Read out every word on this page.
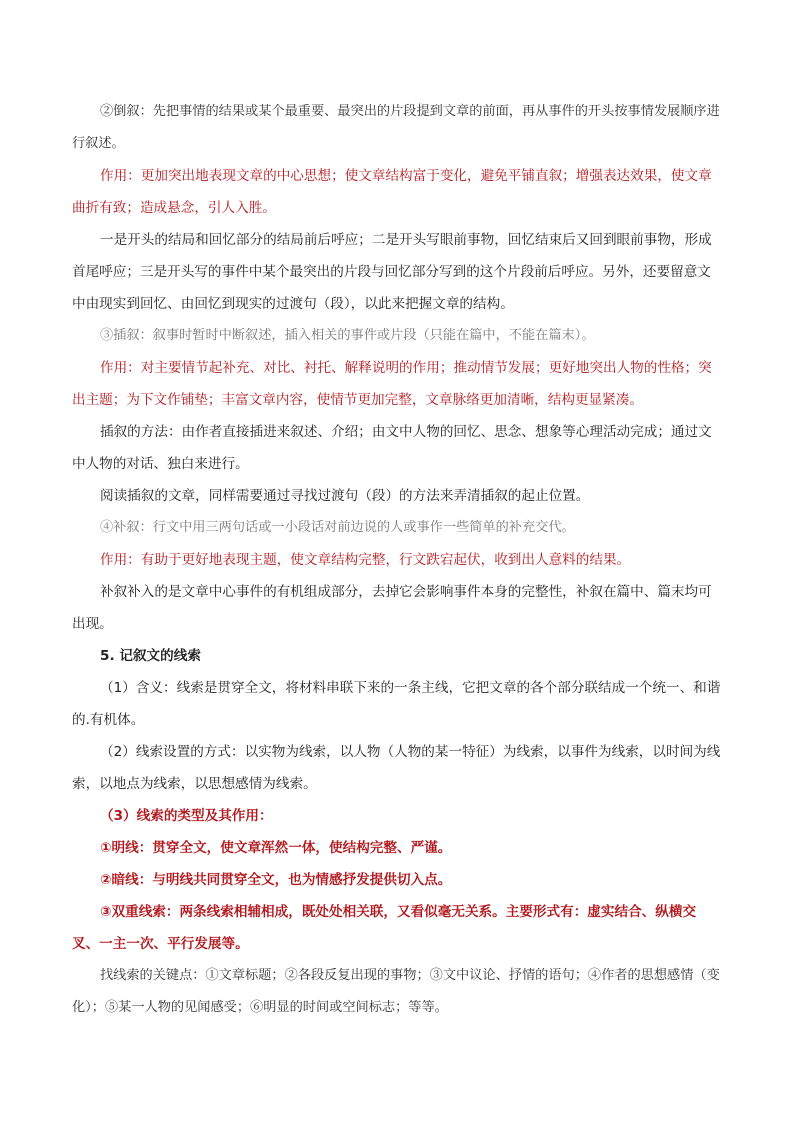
②倒叙：先把事情的结果或某个最重要、最突出的片段提到文章的前面，再从事件的开头按事情发展顺序进行叙述。

作用：更加突出地表现文章的中心思想；使文章结构富于变化，避免平铺直叙；增强表达效果，使文章曲折有致；造成悬念，引人入胜。

一是开头的结局和回忆部分的结局前后呼应；二是开头写眼前事物，回忆结束后又回到眼前事物，形成首尾呼应；三是开头写的事件中某个最突出的片段与回忆部分写到的这个片段前后呼应。另外，还要留意文中由现实到回忆、由回忆到现实的过渡句（段），以此来把握文章的结构。

③插叙：叙事时暂时中断叙述，插入相关的事件或片段（只能在篇中，不能在篇末）。

作用：对主要情节起补充、对比、衬托、解释说明的作用；推动情节发展；更好地突出人物的性格；突出主题；为下文作铺垫；丰富文章内容，使情节更加完整，文章脉络更加清晰，结构更显紧凑。

插叙的方法：由作者直接插进来叙述、介绍；由文中人物的回忆、思念、想象等心理活动完成；通过文中人物的对话、独白来进行。

阅读插叙的文章，同样需要通过寻找过渡句（段）的方法来弄清插叙的起止位置。

④补叙：行文中用三两句话或一小段话对前边说的人或事作一些简单的补充交代。

作用：有助于更好地表现主题，使文章结构完整，行文跌宕起伏，收到出人意料的结果。

补叙补入的是文章中心事件的有机组成部分，去掉它会影响事件本身的完整性，补叙在篇中、篇末均可出现。

5. 记叙文的线索

（1）含义：线索是贯穿全文，将材料串联下来的一条主线，它把文章的各个部分联结成一个统一、和谐的.有机体。

（2）线索设置的方式：以实物为线索，以人物（人物的某一特征）为线索，以事件为线索，以时间为线索，以地点为线索，以思想感情为线索。

（3）线索的类型及其作用：

①明线：贯穿全文，使文章浑然一体，使结构完整、严谨。

②暗线：与明线共同贯穿全文，也为情感抒发提供切入点。

③双重线索：两条线索相辅相成，既处处相关联，又看似毫无关系。主要形式有：虚实结合、纵横交叉、一主一次、平行发展等。

找线索的关键点：①文章标题；②各段反复出现的事物；③文中议论、抒情的语句；④作者的思想感情（变化）；⑤某一人物的见闻感受；⑥明显的时间或空间标志；等等。
